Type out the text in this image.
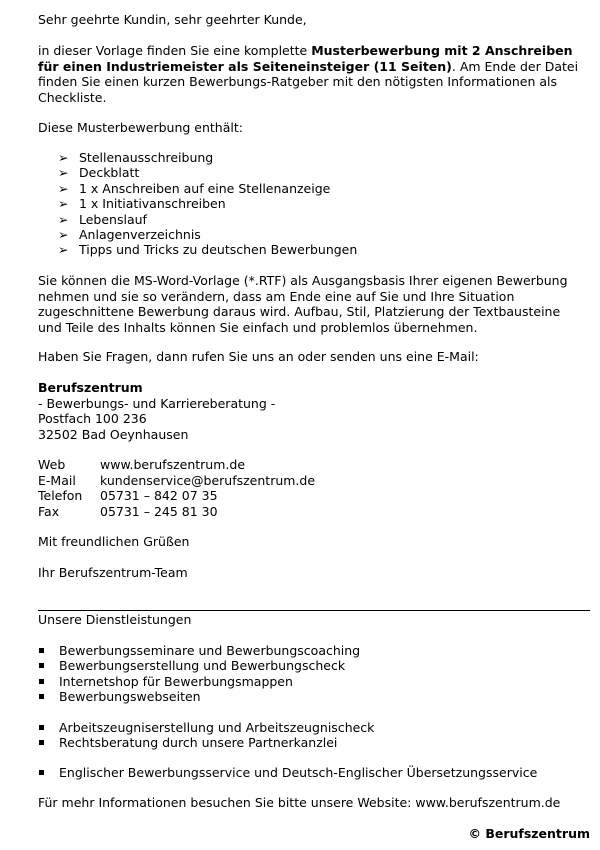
Sehr geehrte Kundin, sehr geehrter Kunde,

in dieser Vorlage finden Sie eine komplette Musterbewerbung mit 2 Anschreiben für einen Industriemeister als Seiteneinsteiger (11 Seiten). Am Ende der Datei finden Sie einen kurzen Bewerbungs-Ratgeber mit den nötigsten Informationen als Checkliste.

Diese Musterbewerbung enthält:

➢ Stellenausschreibung
➢ Deckblatt
➢ 1 x Anschreiben auf eine Stellenanzeige
➢ 1 x Initiativanschreiben
➢ Lebenslauf
➢ Anlagenverzeichnis
➢ Tipps und Tricks zu deutschen Bewerbungen

Sie können die MS-Word-Vorlage (*.RTF) als Ausgangsbasis Ihrer eigenen Bewerbung nehmen und sie so verändern, dass am Ende eine auf Sie und Ihre Situation zugeschnittene Bewerbung daraus wird. Aufbau, Stil, Platzierung der Textbausteine und Teile des Inhalts können Sie einfach und problemlos übernehmen.

Haben Sie Fragen, dann rufen Sie uns an oder senden uns eine E-Mail:

Berufszentrum
- Bewerbungs- und Karriereberatung -
Postfach 100 236
32502 Bad Oeynhausen
Web	www.berufszentrum.de
E-Mail kundenservice@berufszentrum.de
Telefon 05731 – 842 07 35
Fax	05731 – 245 81 30

Mit freundlichen Grüßen

Ihr Berufszentrum-Team

Unsere Dienstleistungen

Bewerbungsseminare und Bewerbungscoaching
Bewerbungserstellung und Bewerbungscheck
Internetshop für Bewerbungsmappen
Bewerbungswebseiten
Arbeitszeugniserstellung und Arbeitszeugnischeck
Rechtsberatung durch unsere Partnerkanzlei
Englischer Bewerbungsservice und Deutsch-Englischer Übersetzungsservice

Für mehr Informationen besuchen Sie bitte unsere Website: www.berufszentrum.de

© Berufszentrum
